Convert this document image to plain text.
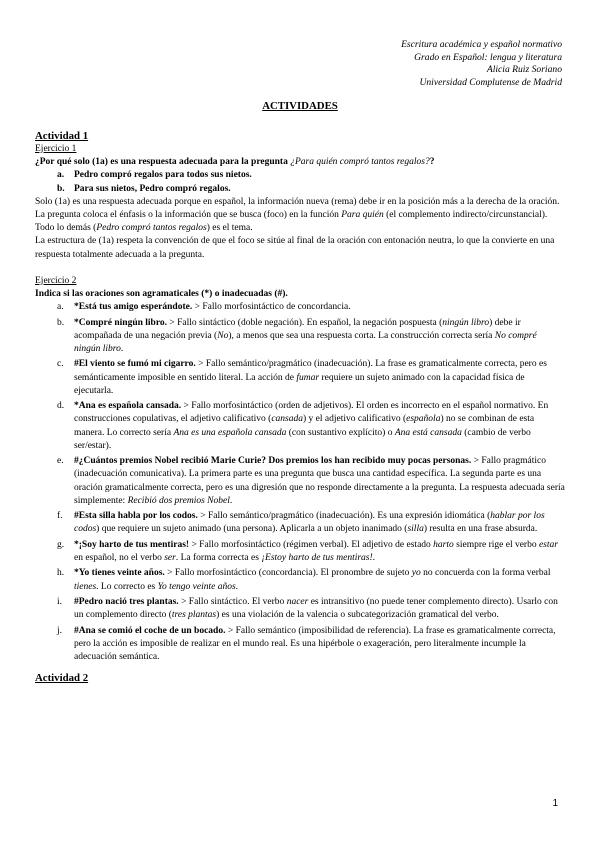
Escritura académica y español normativo
Grado en Español: lengua y literatura
Alicia Ruiz Soriano
Universidad Complutense de Madrid
ACTIVIDADES
Actividad 1
Ejercicio 1
¿Por qué solo (1a) es una respuesta adecuada para la pregunta ¿Para quién compró tantos regalos??
a.	Pedro compró regalos para todos sus nietos.
b. Para sus nietos, Pedro compró regalos.
Solo (1a) es una respuesta adecuada porque en español, la información nueva (rema) debe ir en la posición más a la derecha de la oración.
La pregunta coloca el énfasis o la información que se busca (foco) en la función Para quién (el complemento indirecto/circunstancial). Todo lo demás (Pedro compró tantos regalos) es el tema.
La estructura de (1a) respeta la convención de que el foco se sitúe al final de la oración con entonación neutra, lo que la convierte en una respuesta totalmente adecuada a la pregunta.
Ejercicio 2
Indica si las oraciones son agramaticales (*) o inadecuadas (#).
a.	*Está tus amigo esperándote. > Fallo morfosintáctico de concordancia.
b.	*Compré ningún libro. > Fallo sintáctico (doble negación). En español, la negación pospuesta (ningún libro) debe ir acompañada de una negación previa (No), a menos que sea una respuesta corta. La construcción correcta sería No compré ningún libro.
c.	#El viento se fumó mi cigarro. > Fallo semántico/pragmático (inadecuación). La frase es gramaticalmente correcta, pero es semánticamente imposible en sentido literal. La acción de fumar requiere un sujeto animado con la capacidad física de ejecutarla.
d.	*Ana es española cansada. > Fallo morfosintáctico (orden de adjetivos). El orden es incorrecto en el español normativo. En construcciones copulativas, el adjetivo calificativo (cansada) y el adjetivo calificativo (española) no se combinan de esta manera. Lo correcto sería Ana es una española cansada (con sustantivo explícito) o Ana está cansada (cambio de verbo ser/estar).
e.	#¿Cuántos premios Nobel recibió Marie Curie? Dos premios los han recibido muy pocas personas. > Fallo pragmático (inadecuación comunicativa). La primera parte es una pregunta que busca una cantidad específica. La segunda parte es una oración gramaticalmente correcta, pero es una digresión que no responde directamente a la pregunta. La respuesta adecuada sería simplemente: Recibió dos premios Nobel.
f.	#Esta silla habla por los codos. > Fallo semántico/pragmático (inadecuación). Es una expresión idiomática (hablar por los codos) que requiere un sujeto animado (una persona). Aplicarla a un objeto inanimado (silla) resulta en una frase absurda.
g.	*¡Soy harto de tus mentiras! > Fallo morfosintáctico (régimen verbal). El adjetivo de estado harto siempre rige el verbo estar en español, no el verbo ser. La forma correcta es ¡Estoy harto de tus mentiras!.
h.	*Yo tienes veinte años. > Fallo morfosintáctico (concordancia). El pronombre de sujeto yo no concuerda con la forma verbal tienes. Lo correcto es Yo tengo veinte años.
i.	#Pedro nació tres plantas. > Fallo sintáctico. El verbo nacer es intransitivo (no puede tener complemento directo). Usarlo con un complemento directo (tres plantas) es una violación de la valencia o subcategorización gramatical del verbo.
j.	#Ana se comió el coche de un bocado. > Fallo semántico (imposibilidad de referencia). La frase es gramaticalmente correcta, pero la acción es imposible de realizar en el mundo real. Es una hipérbole o exageración, pero literalmente incumple la adecuación semántica.
Actividad 2
1
